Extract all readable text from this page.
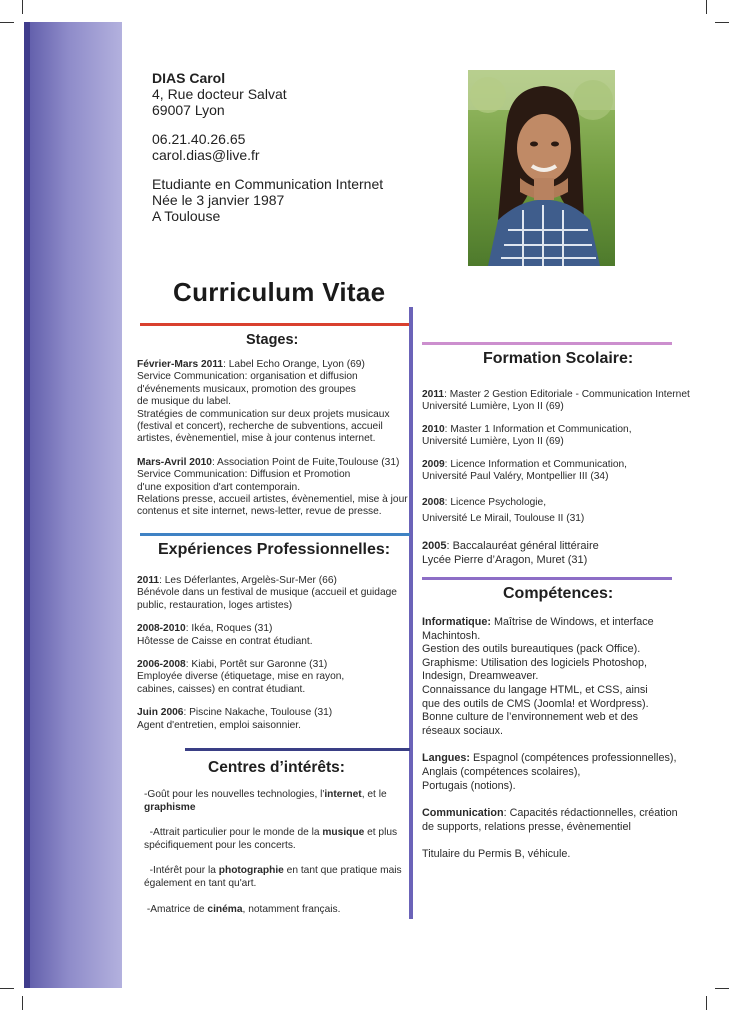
DIAS Carol
4, Rue docteur Salvat
69007 Lyon
06.21.40.26.65
carol.dias@live.fr
Etudiante en Communication Internet
Née le 3 janvier 1987
A Toulouse
Curriculum Vitae
Stages:

Février-Mars 2011: Label Echo Orange, Lyon (69)

Service Communication: organisation et diffusion

d'événements musicaux, promotion des groupes

de musique du label.

Stratégies de communication sur deux projets musicaux

(festival et concert), recherche de subventions, accueil

artistes, évènementiel, mise à jour contenus internet.

Mars-Avril 2010: Association Point de Fuite,Toulouse (31)

Service Communication: Diffusion et Promotion

d'une exposition d'art contemporain.

Relations presse, accueil artistes, évènementiel, mise à jour

contenus et site internet, news-letter, revue de presse.

Expériences Professionnelles:

2011: Les Déferlantes, Argelès-Sur-Mer (66)

Bénévole dans un festival de musique (accueil et guidage

public, restauration, loges artistes)

2008-2010: Ikéa, Roques (31)

Hôtesse de Caisse en contrat étudiant.

2006-2008: Kiabi, Portêt sur Garonne (31)

Employée diverse (étiquetage, mise en rayon,

cabines, caisses) en contrat étudiant.

Juin 2006: Piscine Nakache, Toulouse (31)

Agent d'entretien, emploi saisonnier.

Centres d’intérêts:
-Goût pour les nouvelles technologies, l'internet, et le
graphisme
-Attrait particulier pour le monde de la musique et plus
spécifiquement pour les concerts.
-Intérêt pour la photographie en tant que pratique mais
également en tant qu'art.
-Amatrice de cinéma, notamment français.
Formation Scolaire:

2011: Master 2 Gestion Editoriale - Communication Internet

Université Lumière, Lyon II (69)

2010: Master 1 Information et Communication,

Université Lumière, Lyon II (69)

2009: Licence Information et Communication,

Université Paul Valéry, Montpellier III (34)

2008: Licence Psychologie,

Université Le Mirail, Toulouse II (31)

2005: Baccalauréat général littéraire

Lycée Pierre d’Aragon, Muret (31)

Compétences:
Informatique: Maîtrise de Windows, et interface
Machintosh.
Gestion des outils bureautiques (pack Office).
Graphisme: Utilisation des logiciels Photoshop,
Indesign, Dreamweaver.
Connaissance du langage HTML, et CSS, ainsi
que des outils de CMS (Joomla! et Wordpress).
Bonne culture de l’environnement web et des
réseaux sociaux.
Langues: Espagnol (compétences professionnelles),
Anglais (compétences scolaires),
Portugais (notions).
Communication: Capacités rédactionnelles, création
de supports, relations presse, évènementiel
Titulaire du Permis B, véhicule.
